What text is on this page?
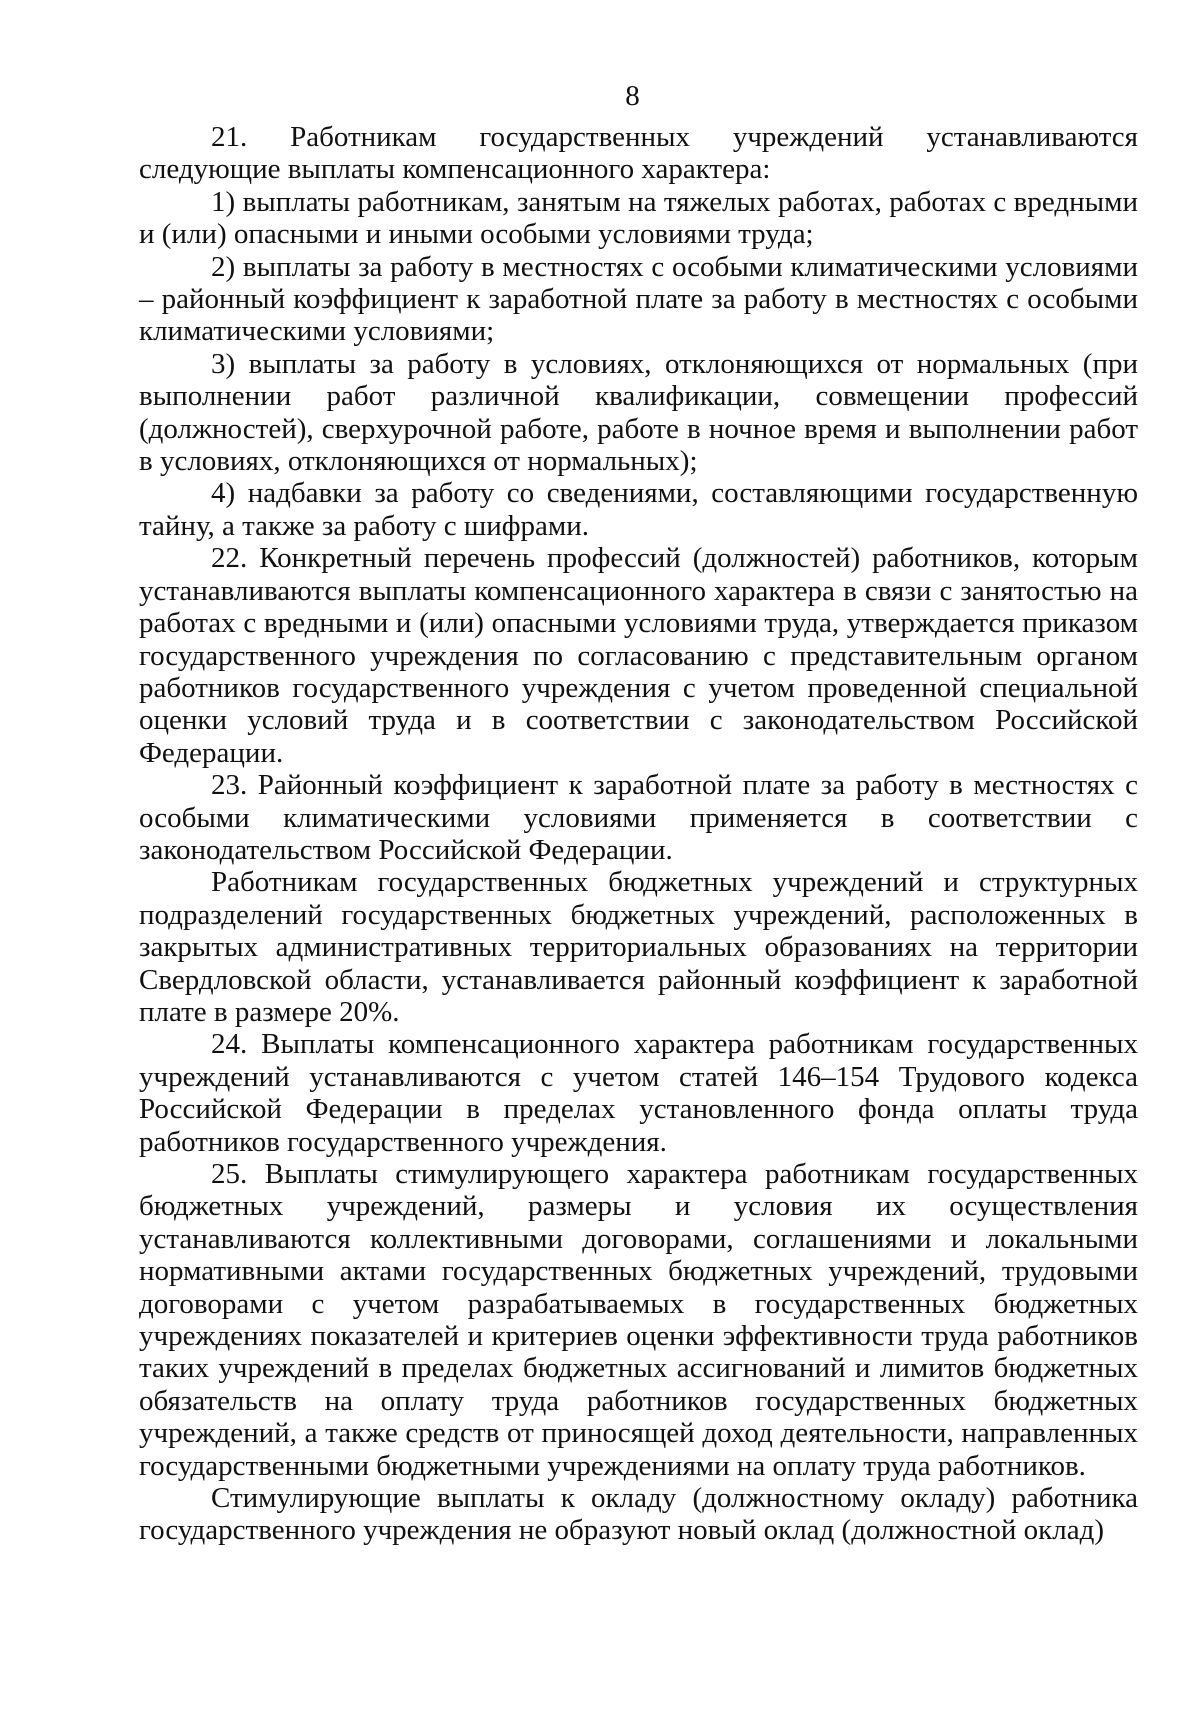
8

21. Работникам государственных учреждений устанавливаются следующие выплаты компенсационного характера:

1) выплаты работникам, занятым на тяжелых работах, работах с вредными и (или) опасными и иными особыми условиями труда;

2) выплаты за работу в местностях с особыми климатическими условиями – районный коэффициент к заработной плате за работу в местностях с особыми климатическими условиями;

3) выплаты за работу в условиях, отклоняющихся от нормальных (при выполнении работ различной квалификации, совмещении профессий (должностей), сверхурочной работе, работе в ночное время и выполнении работ в условиях, отклоняющихся от нормальных);

4) надбавки за работу со сведениями, составляющими государственную тайну, а также за работу с шифрами.

22. Конкретный перечень профессий (должностей) работников, которым устанавливаются выплаты компенсационного характера в связи с занятостью на работах с вредными и (или) опасными условиями труда, утверждается приказом государственного учреждения по согласованию с представительным органом работников государственного учреждения с учетом проведенной специальной оценки условий труда и в соответствии с законодательством Российской Федерации.

23. Районный коэффициент к заработной плате за работу в местностях с особыми климатическими условиями применяется в соответствии с законодательством Российской Федерации.

Работникам государственных бюджетных учреждений и структурных подразделений государственных бюджетных учреждений, расположенных в закрытых административных территориальных образованиях на территории Свердловской области, устанавливается районный коэффициент к заработной плате в размере 20%.

24. Выплаты компенсационного характера работникам государственных учреждений устанавливаются с учетом статей 146–154 Трудового кодекса Российской Федерации в пределах установленного фонда оплаты труда работников государственного учреждения.

25. Выплаты стимулирующего характера работникам государственных бюджетных учреждений, размеры и условия их осуществления устанавливаются коллективными договорами, соглашениями и локальными нормативными актами государственных бюджетных учреждений, трудовыми договорами с учетом разрабатываемых в государственных бюджетных учреждениях показателей и критериев оценки эффективности труда работников таких учреждений в пределах бюджетных ассигнований и лимитов бюджетных обязательств на оплату труда работников государственных бюджетных учреждений, а также средств от приносящей доход деятельности, направленных государственными бюджетными учреждениями на оплату труда работников.

Стимулирующие выплаты к окладу (должностному окладу) работника государственного учреждения не образуют новый оклад (должностной оклад)
